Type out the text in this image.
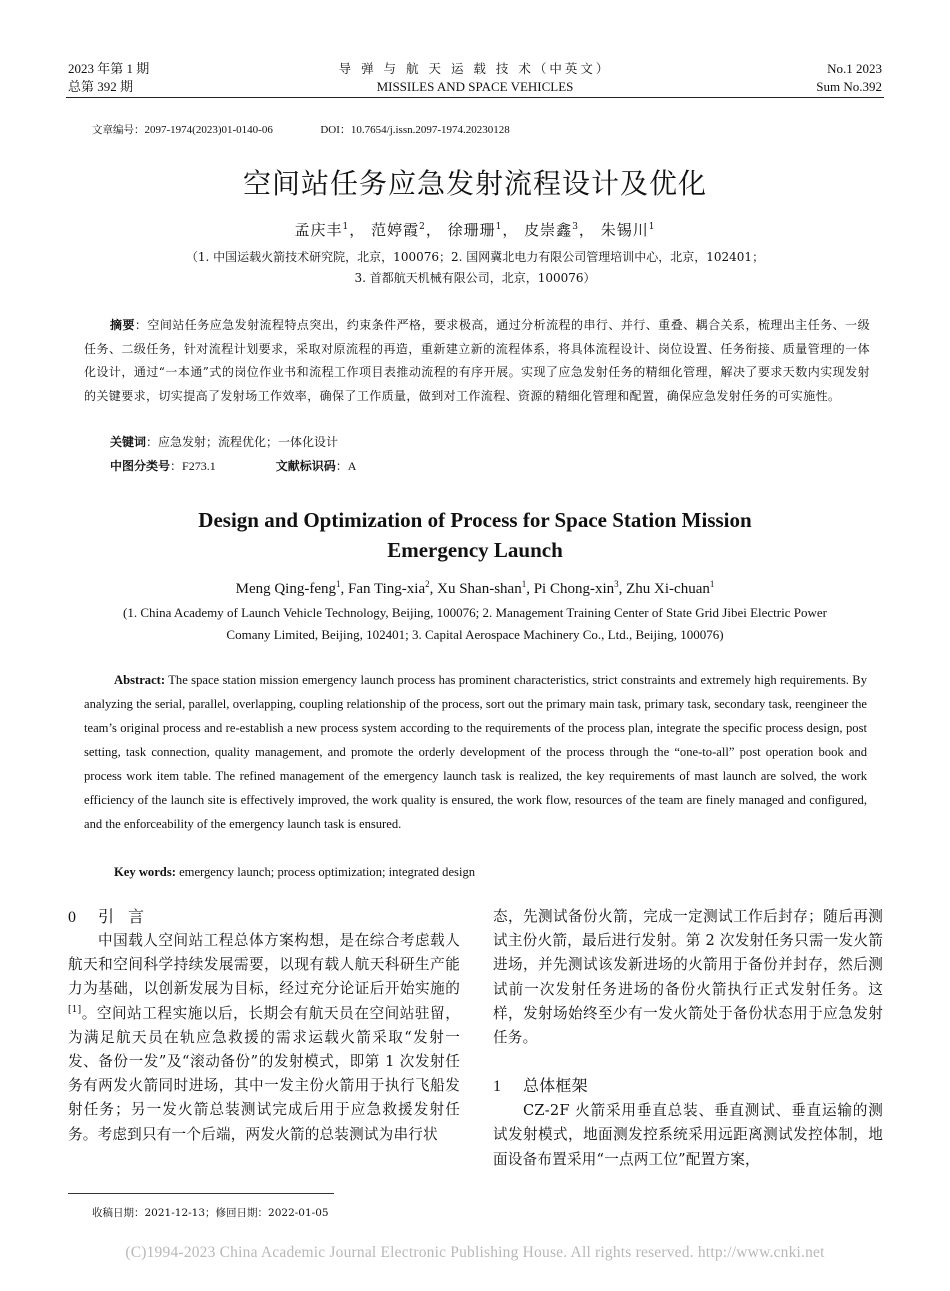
2023 年第 1 期
总第 392 期
导 弹 与 航 天 运 载 技 术（中英文）
MISSILES AND SPACE VEHICLES
No.1 2023
Sum No.392
文章编号：2097-1974(2023)01-0140-06	DOI：10.7654/j.issn.2097-1974.20230128
空间站任务应急发射流程设计及优化
孟庆丰$^1$， 范婷霞$^2$， 徐珊珊$^1$， 皮崇鑫$^3$， 朱锡川$^1$
（1. 中国运载火箭技术研究院，北京，100076；2. 国网冀北电力有限公司管理培训中心，北京，102401；
3. 首都航天机械有限公司，北京，100076）
摘要：空间站任务应急发射流程特点突出，约束条件严格，要求极高，通过分析流程的串行、并行、重叠、耦合关系，梳理出主任务、一级任务、二级任务，针对流程计划要求，采取对原流程的再造，重新建立新的流程体系，将具体流程设计、岗位设置、任务衔接、质量管理的一体化设计，通过“一本通”式的岗位作业书和流程工作项目表推动流程的有序开展。实现了应急发射任务的精细化管理，解决了要求天数内实现发射的关键要求，切实提高了发射场工作效率，确保了工作质量，做到对工作流程、资源的精细化管理和配置，确保应急发射任务的可实施性。
关键词：应急发射；流程优化；一体化设计
中图分类号：F273.1	文献标识码：A
Design and Optimization of Process for Space Station Mission
Emergency Launch
Meng Qing-feng$^1$, Fan Ting-xia$^2$, Xu Shan-shan$^1$, Pi Chong-xin$^3$, Zhu Xi-chuan$^1$
(1. China Academy of Launch Vehicle Technology, Beijing, 100076; 2. Management Training Center of State Grid Jibei Electric Power
Comany Limited, Beijing, 102401; 3. Capital Aerospace Machinery Co., Ltd., Beijing, 100076)
Abstract: The space station mission emergency launch process has prominent characteristics, strict constraints and extremely high requirements. By analyzing the serial, parallel, overlapping, coupling relationship of the process, sort out the primary main task, primary task, secondary task, reengineer the team’s original process and re-establish a new process system according to the requirements of the process plan, integrate the specific process design, post setting, task connection, quality management, and promote the orderly development of the process through the “one-to-all” post operation book and process work item table. The refined management of the emergency launch task is realized, the key requirements of mast launch are solved, the work efficiency of the launch site is effectively improved, the work quality is ensured, the work flow, resources of the team are finely managed and configured, and the enforceability of the emergency launch task is ensured.
Key words: emergency launch; process optimization; integrated design
0 引言
中国载人空间站工程总体方案构想，是在综合考虑载人航天和空间科学持续发展需要，以现有载人航天科研生产能力为基础，以创新发展为目标，经过充分论证后开始实施的[1]。空间站工程实施以后，长期会有航天员在空间站驻留，为满足航天员在轨应急救援的需求运载火箭采取“发射一发、备份一发”及“滚动备份”的发射模式，即第 1 次发射任务有两发火箭同时进场，其中一发主份火箭用于执行飞船发射任务；另一发火箭总装测试完成后用于应急救援发射任务。考虑到只有一个后端，两发火箭的总装测试为串行状
态，先测试备份火箭，完成一定测试工作后封存；随后再测试主份火箭，最后进行发射。第 2 次发射任务只需一发火箭进场，并先测试该发新进场的火箭用于备份并封存，然后测试前一次发射任务进场的备份火箭执行正式发射任务。这样，发射场始终至少有一发火箭处于备份状态用于应急发射任务。
1 总体框架
CZ-2F 火箭采用垂直总装、垂直测试、垂直运输的测试发射模式，地面测发控系统采用远距离测试发控体制，地面设备布置采用“一点两工位”配置方案，
收稿日期：2021-12-13；修回日期：2022-01-05
(C)1994-2023 China Academic Journal Electronic Publishing House. All rights reserved. http://www.cnki.net
